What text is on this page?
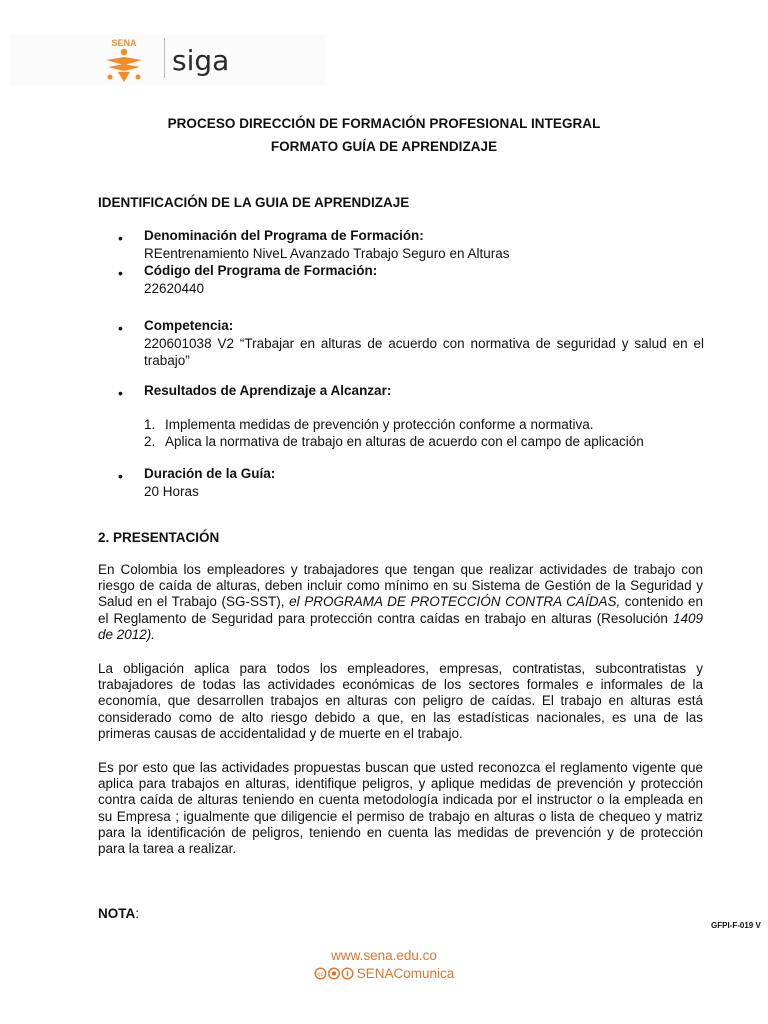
SENA
siga
PROCESO DIRECCIÓN DE FORMACIÓN PROFESIONAL INTEGRAL
FORMATO GUÍA DE APRENDIZAJE
IDENTIFICACIÓN DE LA GUIA DE APRENDIZAJE
• Denominación del Programa de Formación:
REentrenamiento NiveL Avanzado Trabajo Seguro en Alturas
• Código del Programa de Formación:
22620440
• Competencia:
220601038 V2 “Trabajar en alturas de acuerdo con normativa de seguridad y salud en el trabajo”
• Resultados de Aprendizaje a Alcanzar:
1. Implementa medidas de prevención y protección conforme a normativa.
2. Aplica la normativa de trabajo en alturas de acuerdo con el campo de aplicación
• Duración de la Guía:
20 Horas
2. PRESENTACIÓN
En Colombia los empleadores y trabajadores que tengan que realizar actividades de trabajo con riesgo de caída de alturas, deben incluir como mínimo en su Sistema de Gestión de la Seguridad y Salud en el Trabajo (SG-SST), el PROGRAMA DE PROTECCIÓN CONTRA CAÍDAS, contenido en el Reglamento de Seguridad para protección contra caídas en trabajo en alturas (Resolución 1409 de 2012).
La obligación aplica para todos los empleadores, empresas, contratistas, subcontratistas y trabajadores de todas las actividades económicas de los sectores formales e informales de la economía, que desarrollen trabajos en alturas con peligro de caídas. El trabajo en alturas está considerado como de alto riesgo debido a que, en las estadísticas nacionales, es una de las primeras causas de accidentalidad y de muerte en el trabajo.
Es por esto que las actividades propuestas buscan que usted reconozca el reglamento vigente que aplica para trabajos en alturas, identifique peligros, y aplique medidas de prevención y protección contra caída de alturas teniendo en cuenta metodología indicada por el instructor o la empleada en su Empresa ; igualmente que diligencie el permiso de trabajo en alturas o lista de chequeo y matriz para la identificación de peligros, teniendo en cuenta las medidas de prevención y de protección para la tarea a realizar.
NOTA:
GFPI-F-019 V
www.sena.edu.co
cc SENAComunica
